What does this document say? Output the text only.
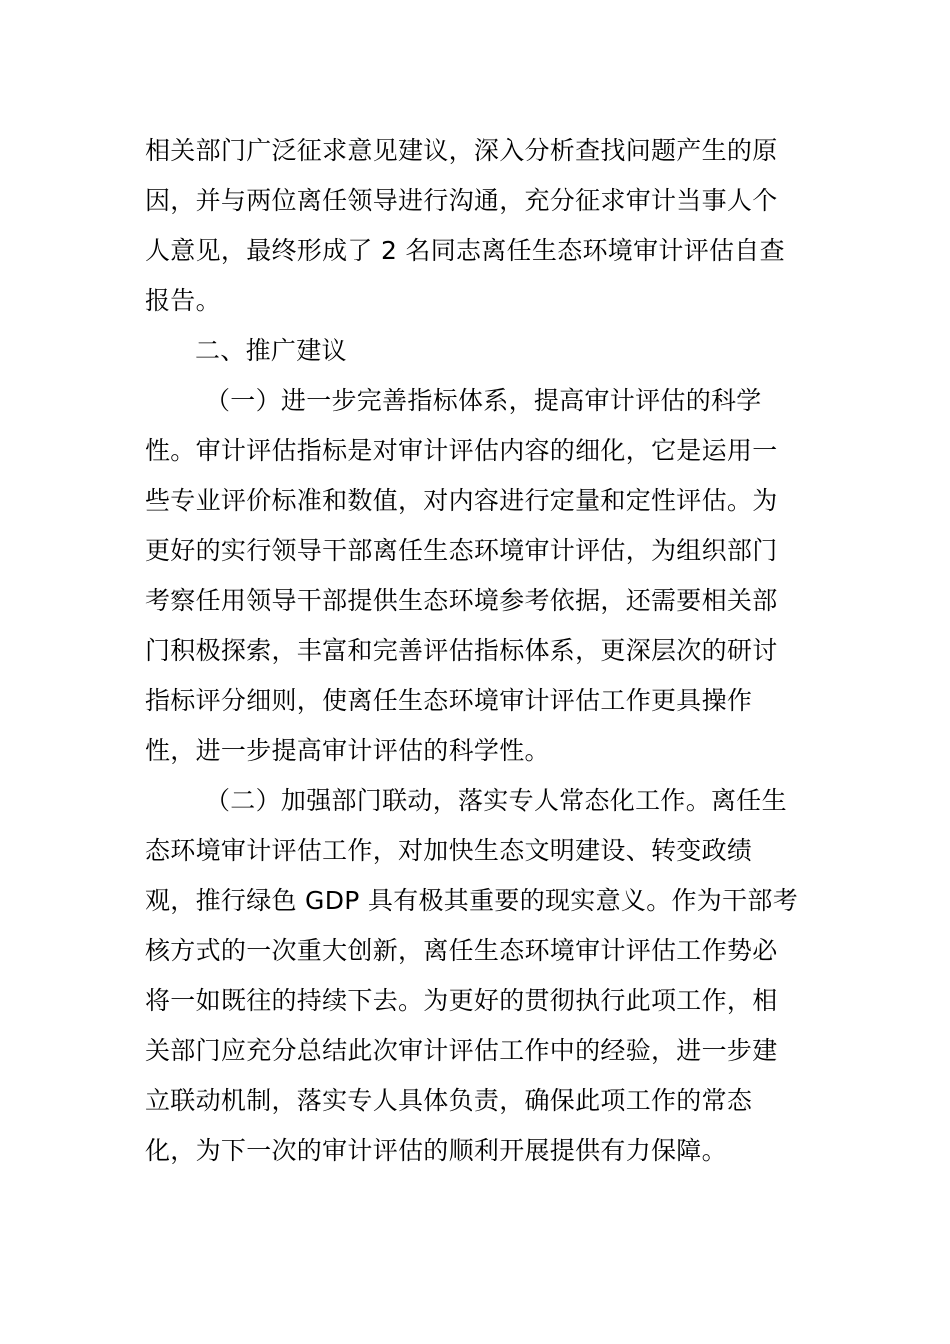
相关部门广泛征求意见建议，深入分析查找问题产生的原
因，并与两位离任领导进行沟通，充分征求审计当事人个
人意见，最终形成了 2 名同志离任生态环境审计评估自查
报告。
二、推广建议
（一）进一步完善指标体系，提高审计评估的科学
性。审计评估指标是对审计评估内容的细化，它是运用一
些专业评价标准和数值，对内容进行定量和定性评估。为
更好的实行领导干部离任生态环境审计评估，为组织部门
考察任用领导干部提供生态环境参考依据，还需要相关部
门积极探索，丰富和完善评估指标体系，更深层次的研讨
指标评分细则，使离任生态环境审计评估工作更具操作
性，进一步提高审计评估的科学性。
（二）加强部门联动，落实专人常态化工作。离任生
态环境审计评估工作，对加快生态文明建设、转变政绩
观，推行绿色 GDP 具有极其重要的现实意义。作为干部考
核方式的一次重大创新，离任生态环境审计评估工作势必
将一如既往的持续下去。为更好的贯彻执行此项工作，相
关部门应充分总结此次审计评估工作中的经验，进一步建
立联动机制，落实专人具体负责，确保此项工作的常态
化，为下一次的审计评估的顺利开展提供有力保障。
